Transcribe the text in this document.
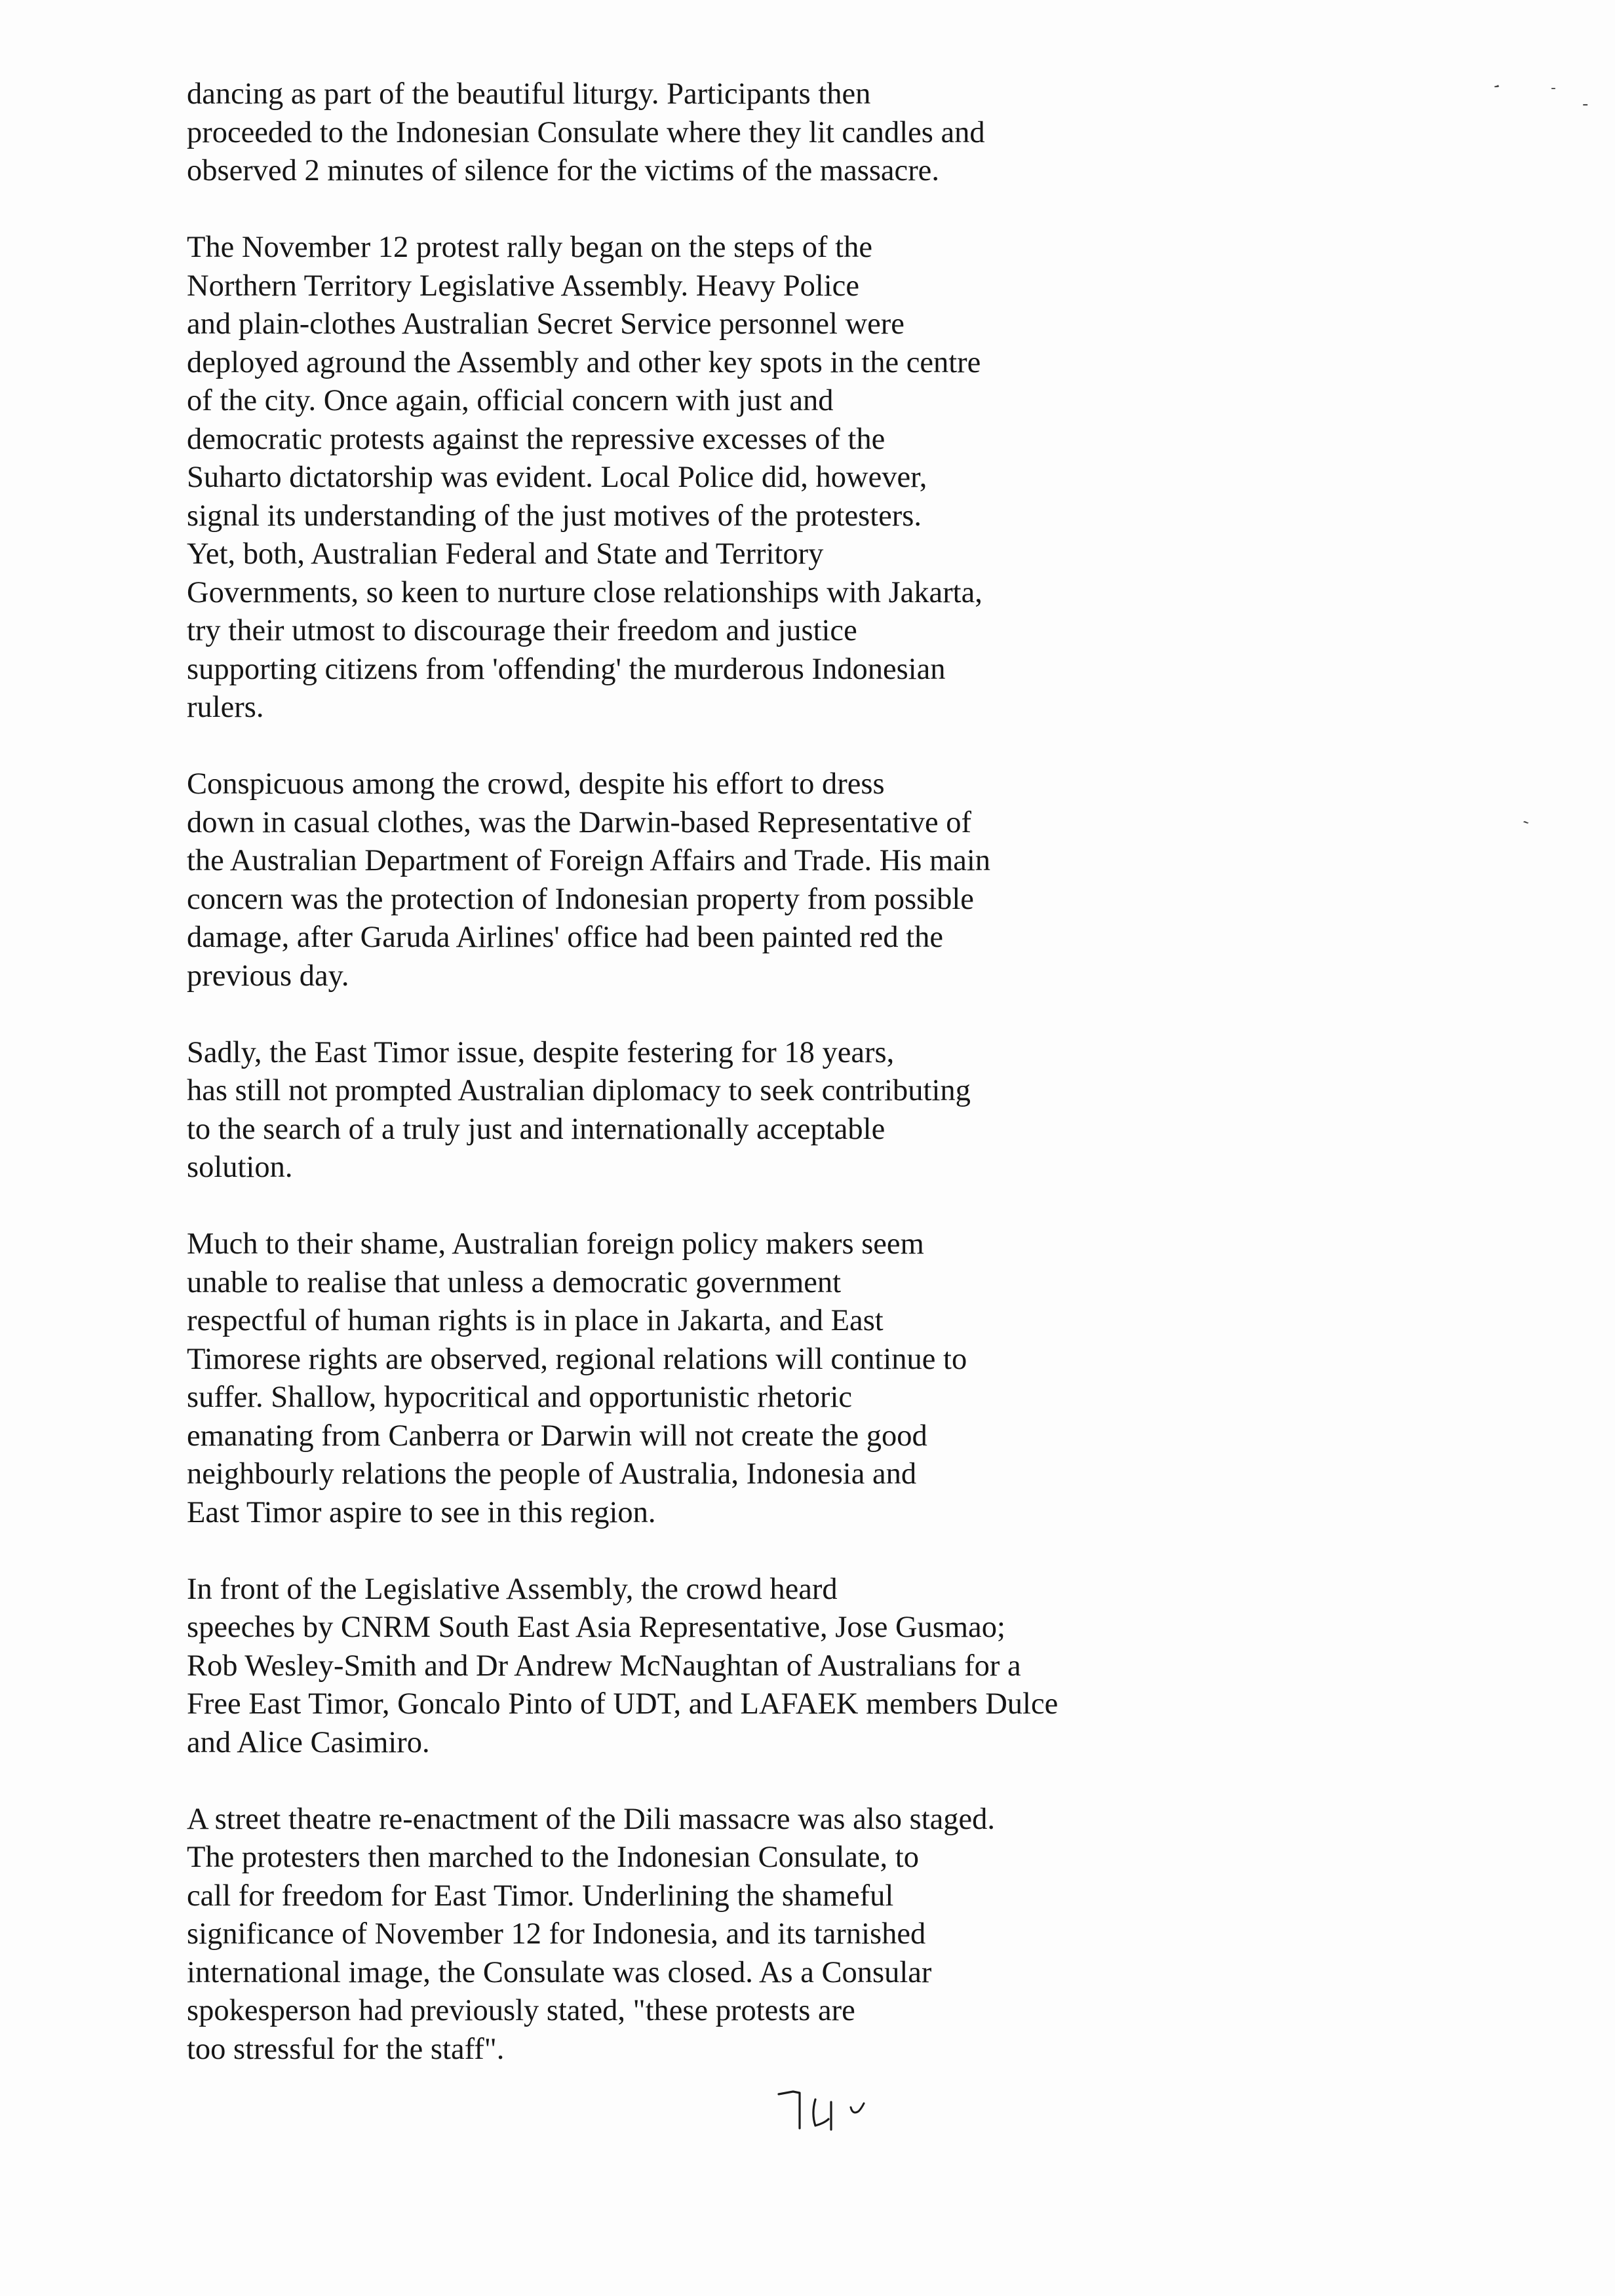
dancing as part of the beautiful liturgy. Participants then
proceeded to the Indonesian Consulate where they lit candles and
observed 2 minutes of silence for the victims of the massacre.

The November 12 protest rally began on the steps of the
Northern Territory Legislative Assembly. Heavy Police
and plain-clothes Australian Secret Service personnel were
deployed aground the Assembly and other key spots in the centre
of the city. Once again, official concern with just and
democratic protests against the repressive excesses of the
Suharto dictatorship was evident. Local Police did, however,
signal its understanding of the just motives of the protesters.
Yet, both, Australian Federal and State and Territory
Governments, so keen to nurture close relationships with Jakarta,
try their utmost to discourage their freedom and justice
supporting citizens from 'offending' the murderous Indonesian
rulers.

Conspicuous among the crowd, despite his effort to dress
down in casual clothes, was the Darwin-based Representative of
the Australian Department of Foreign Affairs and Trade. His main
concern was the protection of Indonesian property from possible
damage, after Garuda Airlines' office had been painted red the
previous day.

Sadly, the East Timor issue, despite festering for 18 years,
has still not prompted Australian diplomacy to seek contributing
to the search of a truly just and internationally acceptable
solution.

Much to their shame, Australian foreign policy makers seem
unable to realise that unless a democratic government
respectful of human rights is in place in Jakarta, and East
Timorese rights are observed, regional relations will continue to
suffer. Shallow, hypocritical and opportunistic rhetoric
emanating from Canberra or Darwin will not create the good
neighbourly relations the people of Australia, Indonesia and
East Timor aspire to see in this region.

In front of the Legislative Assembly, the crowd heard
speeches by CNRM South East Asia Representative, Jose Gusmao;
Rob Wesley-Smith and Dr Andrew McNaughtan of Australians for a
Free East Timor, Goncalo Pinto of UDT, and LAFAEK members Dulce
and Alice Casimiro.

A street theatre re-enactment of the Dili massacre was also staged.
The protesters then marched to the Indonesian Consulate, to
call for freedom for East Timor. Underlining the shameful
significance of November 12 for Indonesia, and its tarnished
international image, the Consulate was closed. As a Consular
spokesperson had previously stated, "these protests are
too stressful for the staff".

ʼ	-
-
ˋ
